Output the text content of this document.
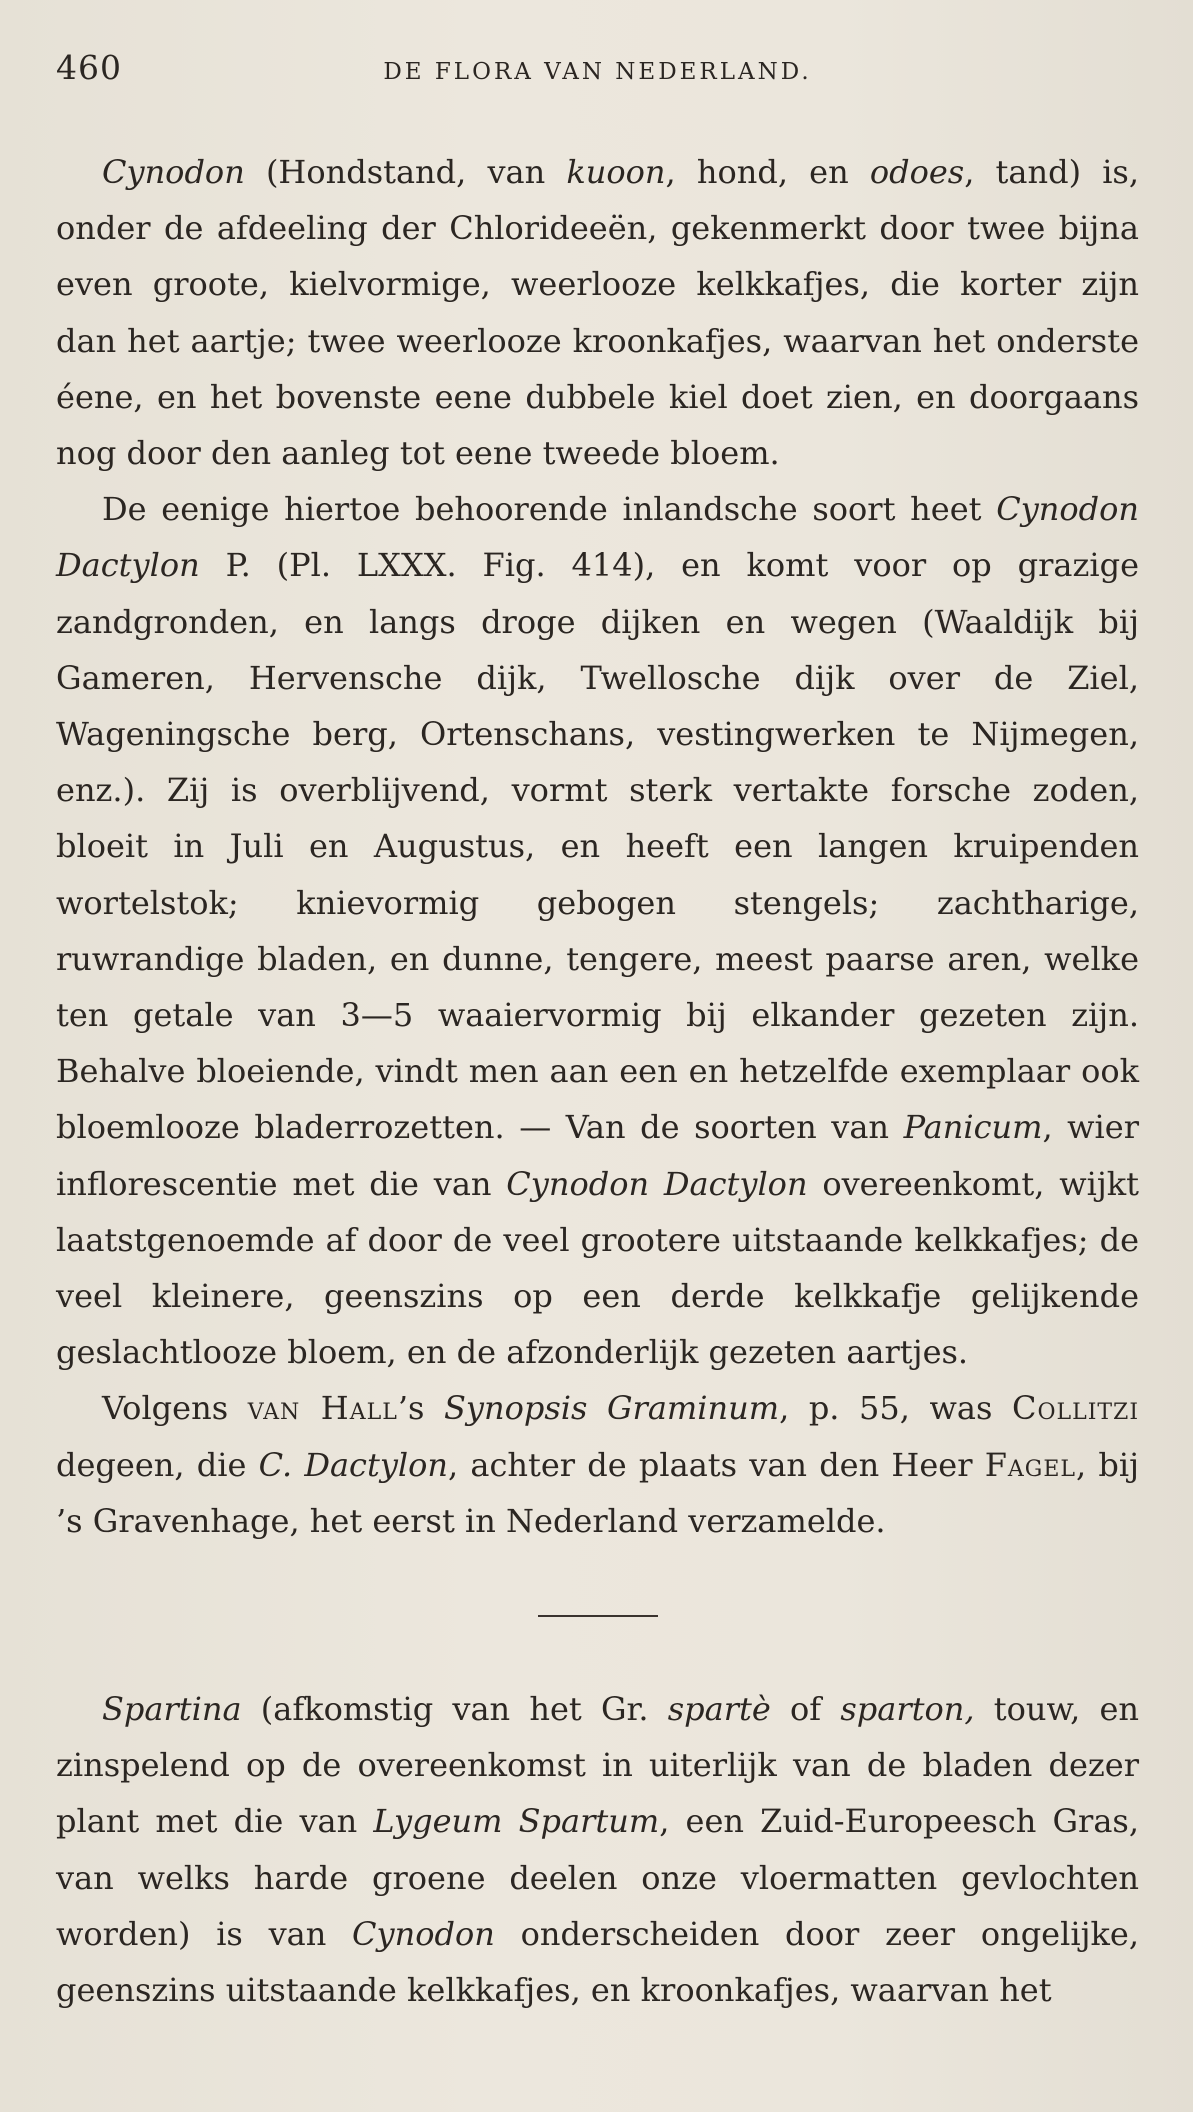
460	DE FLORA VAN NEDERLAND.

Cynodon (Hondstand, van kuoon, hond, en odoes, tand) is, onder de afdeeling der Chlorideeën, gekenmerkt door twee bijna even groote, kielvormige, weerlooze kelkkafjes, die korter zijn dan het aartje; twee weerlooze kroonkafjes, waarvan het onderste éene, en het bovenste eene dubbele kiel doet zien, en doorgaans nog door den aanleg tot eene tweede bloem.

De eenige hiertoe behoorende inlandsche soort heet Cynodon Dactylon P. (Pl. LXXX. Fig. 414), en komt voor op grazige zandgronden, en langs droge dijken en wegen (Waaldijk bij Gameren, Hervensche dijk, Twellosche dijk over de Ziel, Wageningsche berg, Ortenschans, vestingwerken te Nijmegen, enz.). Zij is overblijvend, vormt sterk vertakte forsche zoden, bloeit in Juli en Augustus, en heeft een langen kruipenden wortelstok; knievormig gebogen stengels; zachtharige, ruwrandige bladen, en dunne, tengere, meest paarse aren, welke ten getale van 3—5 waaiervormig bij elkander gezeten zijn. Behalve bloeiende, vindt men aan een en hetzelfde exemplaar ook bloemlooze bladerrozetten. — Van de soorten van Panicum, wier inflorescentie met die van Cynodon Dactylon overeenkomt, wijkt laatstgenoemde af door de veel grootere uitstaande kelkkafjes; de veel kleinere, geenszins op een derde kelkkafje gelijkende geslachtlooze bloem, en de afzonderlijk gezeten aartjes.

Volgens van Hall’s Synopsis Graminum, p. 55, was Collitzi degeen, die C. Dactylon, achter de plaats van den Heer Fagel, bij ’s Gravenhage, het eerst in Nederland verzamelde.

Spartina (afkomstig van het Gr. spartè of sparton, touw, en zinspelend op de overeenkomst in uiterlijk van de bladen dezer plant met die van Lygeum Spartum, een Zuid-Europeesch Gras, van welks harde groene deelen onze vloermatten gevlochten worden) is van Cynodon onderscheiden door zeer ongelijke, geenszins uitstaande kelkkafjes, en kroonkafjes, waarvan het
